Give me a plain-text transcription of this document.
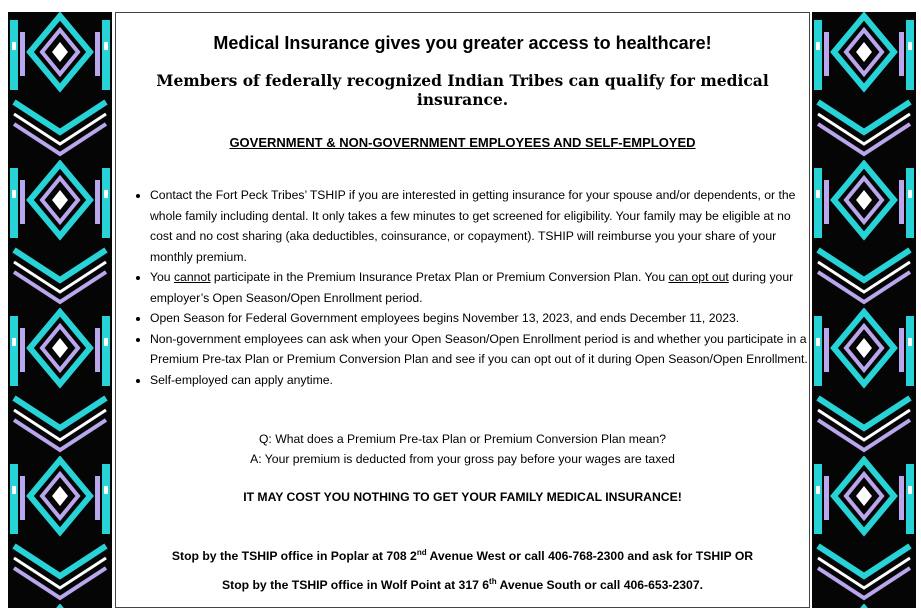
Medical Insurance gives you greater access to healthcare!
Members of federally recognized Indian Tribes can qualify for medical insurance.
GOVERNMENT & NON-GOVERNMENT EMPLOYEES AND SELF-EMPLOYED
• Contact the Fort Peck Tribes’ TSHIP if you are interested in getting insurance for your spouse and/or dependents, or the whole family including dental. It only takes a few minutes to get screened for eligibility. Your family may be eligible at no cost and no cost sharing (aka deductibles, coinsurance, or copayment). TSHIP will reimburse you your share of your monthly premium.
• You cannot participate in the Premium Insurance Pretax Plan or Premium Conversion Plan. You can opt out during your employer’s Open Season/Open Enrollment period.
• Open Season for Federal Government employees begins November 13, 2023, and ends December 11, 2023.
• Non-government employees can ask when your Open Season/Open Enrollment period is and whether you participate in a Premium Pre-tax Plan or Premium Conversion Plan and see if you can opt out of it during Open Season/Open Enrollment.
• Self-employed can apply anytime.
Q: What does a Premium Pre-tax Plan or Premium Conversion Plan mean?
A: Your premium is deducted from your gross pay before your wages are taxed
IT MAY COST YOU NOTHING TO GET YOUR FAMILY MEDICAL INSURANCE!
Stop by the TSHIP office in Poplar at 708 2nd Avenue West or call 406-768-2300 and ask for TSHIP OR
Stop by the TSHIP office in Wolf Point at 317 6th Avenue South or call 406-653-2307.
